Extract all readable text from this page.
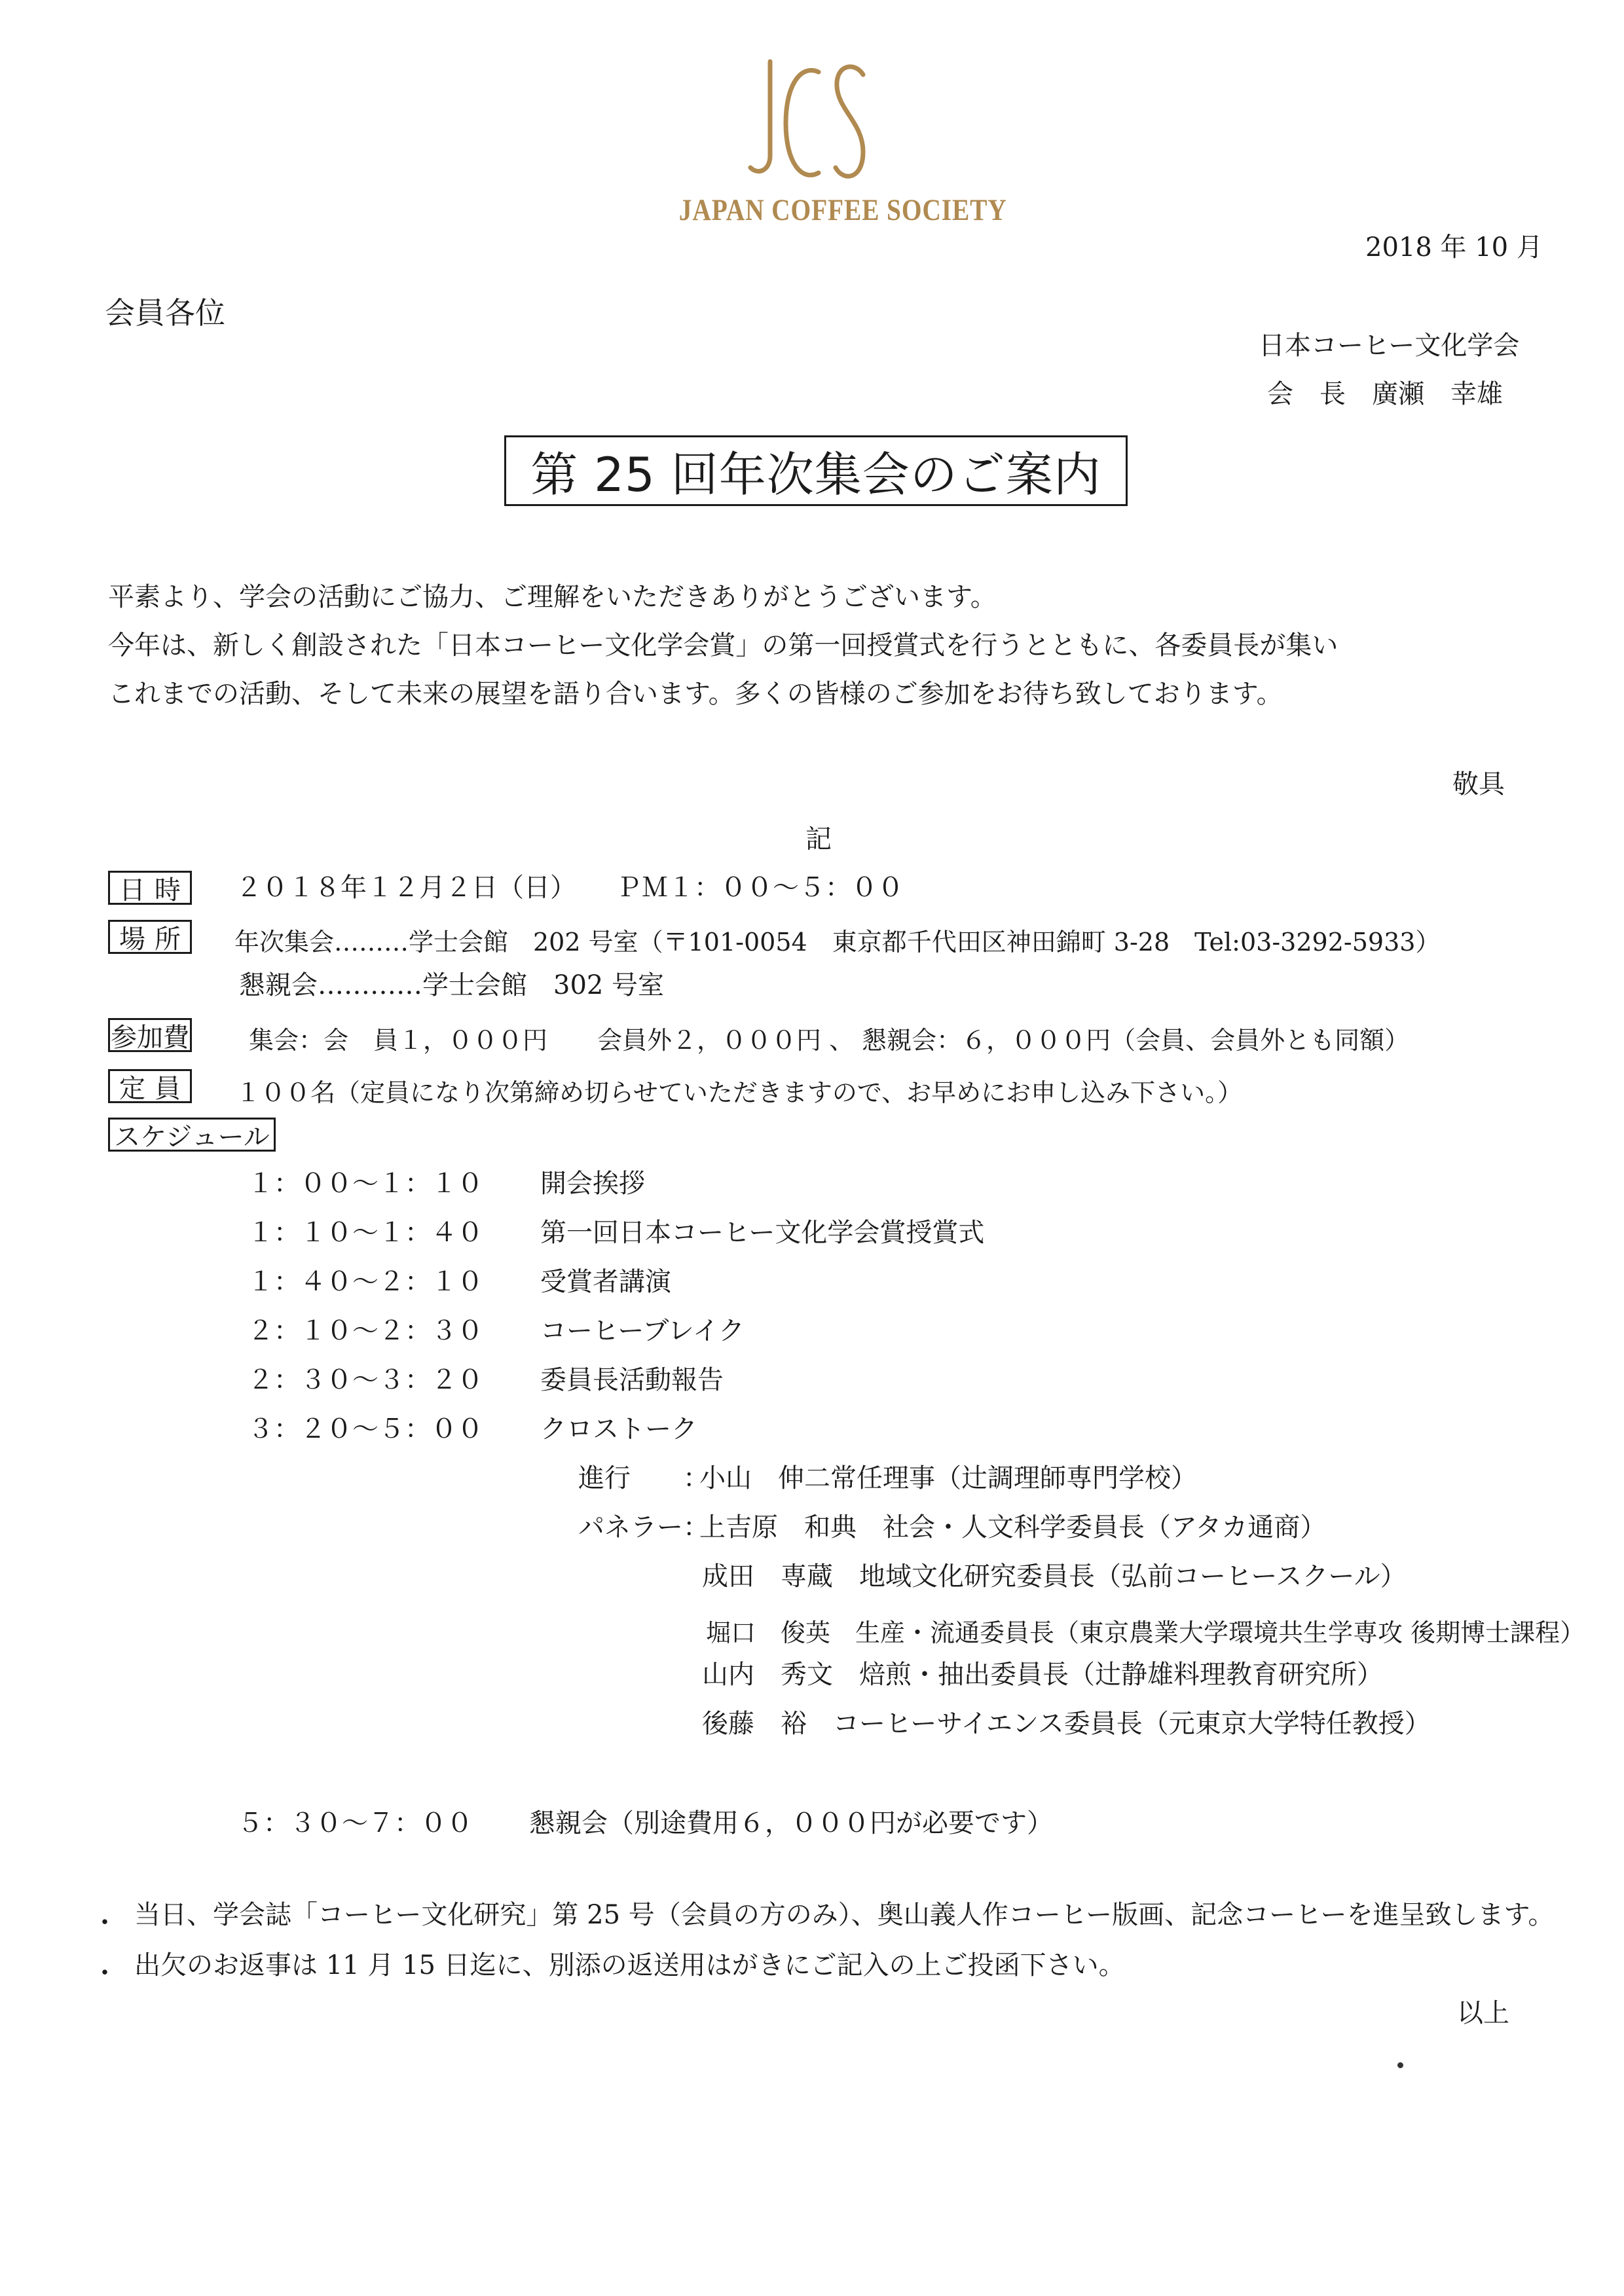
JAPAN COFFEE SOCIETY
2018 年 10 月
会員各位
日本コーヒー文化学会
会　長　廣瀬　幸雄
第 25 回年次集会のご案内
平素より、学会の活動にご協力、ご理解をいただきありがとうございます。
今年は、新しく創設された「日本コーヒー文化学会賞」の第一回授賞式を行うとともに、各委員長が集い
これまでの活動、そして未来の展望を語り合います。多くの皆様のご参加をお待ち致しております。
敬具
記
日 時 ２０１８年１２月２日（日）　　ＰＭ１：００～５：００
場 所 年次集会………学士会館　202 号室（〒101-0054　東京都千代田区神田錦町 3-28　Tel:03-3292-5933）
懇親会…………学士会館　302 号室
参加費 集会：会　員１，０００円　　会員外２，０００円 、 懇親会：６，０００円（会員、会員外とも同額）
定 員 １００名（定員になり次第締め切らせていただきますので、お早めにお申し込み下さい。）
スケジュール
１：００～１：１０ 開会挨拶
１：１０～１：４０ 第一回日本コーヒー文化学会賞授賞式
１：４０～２：１０ 受賞者講演
２：１０～２：３０ コーヒーブレイク
２：３０～３：２０ 委員長活動報告
３：２０～５：００ クロストーク
進行　　：
小山　伸二常任理事（辻調理師専門学校）
パネラー：
上吉原　和典　社会・人文科学委員長（アタカ通商）
成田　専蔵　地域文化研究委員長（弘前コーヒースクール）
堀口　俊英　生産・流通委員長（東京農業大学環境共生学専攻 後期博士課程）
山内　秀文　焙煎・抽出委員長（辻静雄料理教育研究所）
後藤　裕　コーヒーサイエンス委員長（元東京大学特任教授）
５：３０～７：００ 懇親会（別途費用６，０００円が必要です）
・ 当日、学会誌「コーヒー文化研究」第 25 号（会員の方のみ）、奥山義人作コーヒー版画、記念コーヒーを進呈致します。
・ 出欠のお返事は 11 月 15 日迄に、別添の返送用はがきにご記入の上ご投函下さい。
以上
